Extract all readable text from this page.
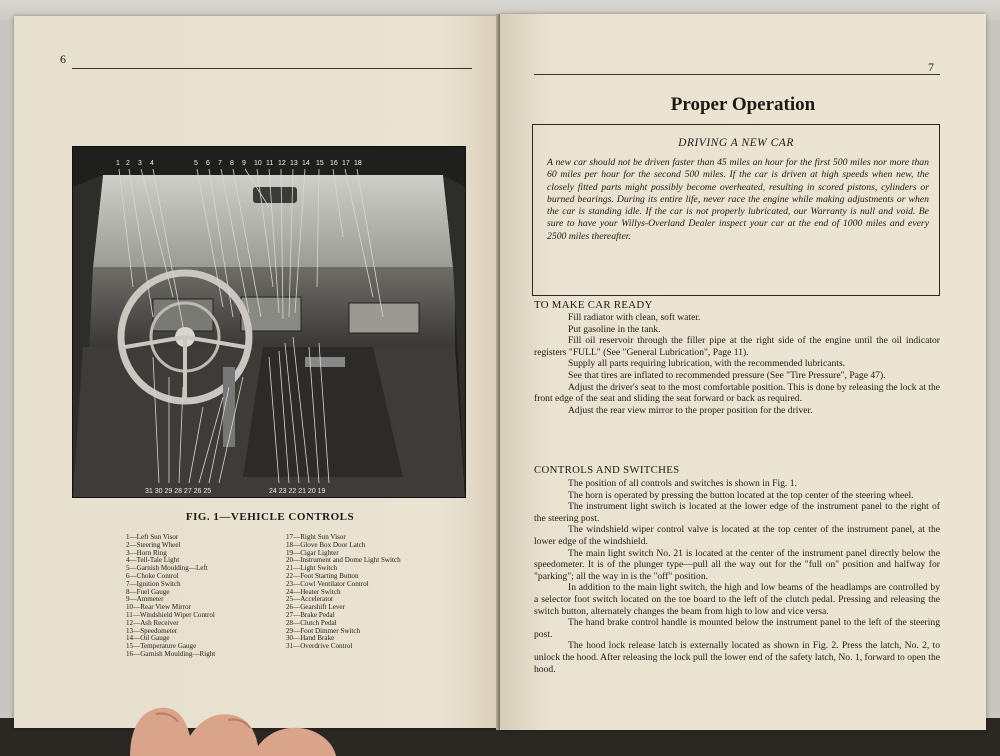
6
1 2 3 4	5 6 7 8 9 10 11 12 13 14 15 16 17 18
31 30 29 28 27 26 25	24 23 22 21 20 19
FIG. 1—VEHICLE CONTROLS
1—Left Sun Visor
2—Steering Wheel
3—Horn Ring
4—Tell-Tale Light
5—Garnish Moulding—Left
6—Choke Control
7—Ignition Switch
8—Fuel Gauge
9—Ammeter
10—Rear View Mirror
11—Windshield Wiper Control
12—Ash Receiver
13—Speedometer
14—Oil Gauge
15—Temperature Gauge
16—Garnish Moulding—Right
17—Right Sun Visor
18—Glove Box Door Latch
19—Cigar Lighter
20—Instrument and Dome Light Switch
21—Light Switch
22—Foot Starting Button
23—Cowl Ventilator Control
24—Heater Switch
25—Accelerator
26—Gearshift Lever
27—Brake Pedal
28—Clutch Pedal
29—Foot Dimmer Switch
30—Hand Brake
31—Overdrive Control
7
Proper Operation
DRIVING A NEW CAR
A new car should not be driven faster than 45 miles an hour for the first 500 miles nor more than 60 miles per hour for the second 500 miles. If the car is driven at high speeds when new, the closely fitted parts might possibly become overheated, resulting in scored pistons, cylinders or burned bearings. During its entire life, never race the engine while making adjustments or when the car is standing idle. If the car is not properly lubricated, our Warranty is null and void. Be sure to have your Willys-Overland Dealer inspect your car at the end of 1000 miles and every 2500 miles thereafter.
TO MAKE CAR READY

Fill radiator with clean, soft water.

Put gasoline in the tank.

Fill oil reservoir through the filler pipe at the right side of the engine until the oil indicator registers "FULL" (See "General Lubrication", Page 11).

Supply all parts requiring lubrication, with the recommended lubricants.

See that tires are inflated to recommended pressure (See "Tire Pressure", Page 47).

Adjust the driver's seat to the most comfortable position. This is done by releasing the lock at the front edge of the seat and sliding the seat forward or back as required.

Adjust the rear view mirror to the proper position for the driver.

CONTROLS AND SWITCHES

The position of all controls and switches is shown in Fig. 1.

The horn is operated by pressing the button located at the top center of the steering wheel.

The instrument light switch is located at the lower edge of the instrument panel to the right of the steering post.

The windshield wiper control valve is located at the top center of the instrument panel, at the lower edge of the windshield.

The main light switch No. 21 is located at the center of the instrument panel directly below the speedometer. It is of the plunger type—pull all the way out for the "full on" position and halfway for "parking"; all the way in is the "off" position.

In addition to the main light switch, the high and low beams of the headlamps are controlled by a selector foot switch located on the toe board to the left of the clutch pedal. Pressing and releasing the switch button, alternately changes the beam from high to low and vice versa.

The hand brake control handle is mounted below the instrument panel to the left of the steering post.

The hood lock release latch is externally located as shown in Fig. 2. Press the latch, No. 2, to unlock the hood. After releasing the lock pull the lower end of the safety latch, No. 1, forward to open the hood.
